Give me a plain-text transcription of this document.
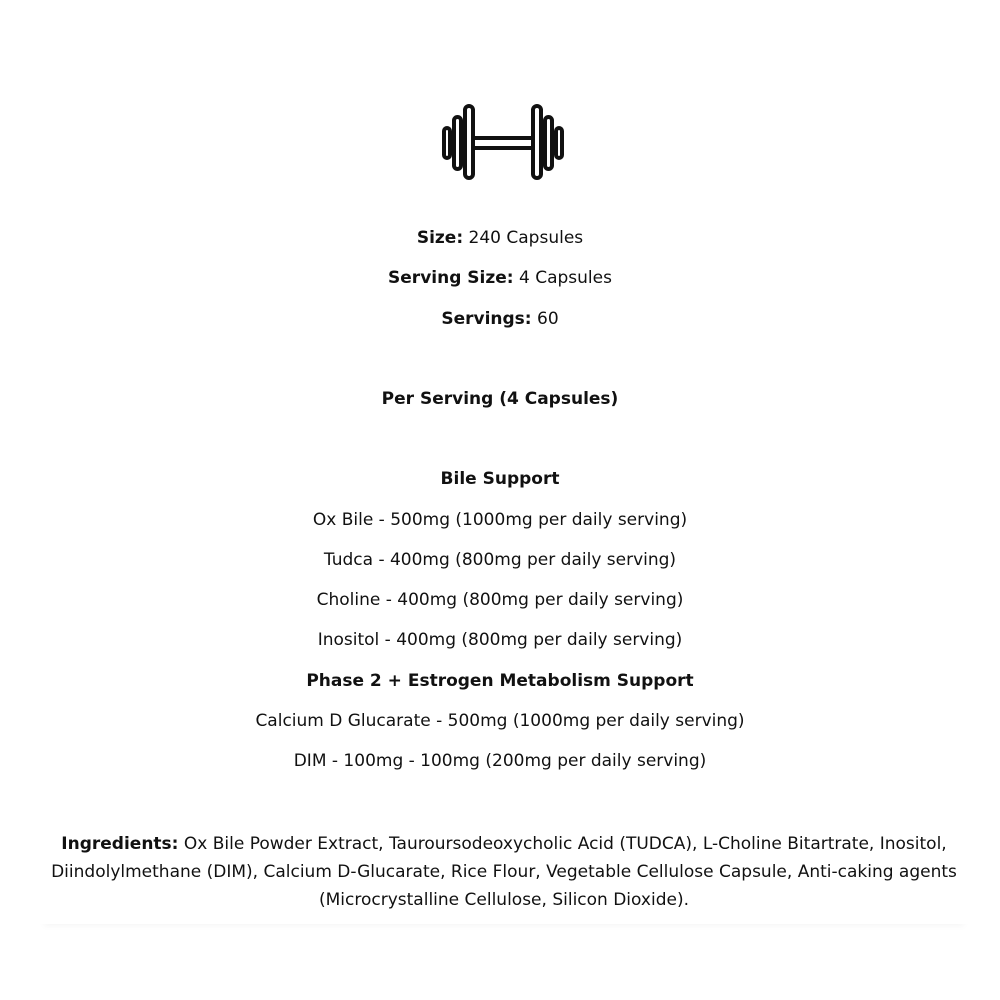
Size: 240 Capsules
Serving Size: 4 Capsules
Servings: 60
Per Serving (4 Capsules)
Bile Support
Ox Bile - 500mg (1000mg per daily serving)
Tudca - 400mg (800mg per daily serving)
Choline - 400mg (800mg per daily serving)
Inositol - 400mg (800mg per daily serving)
Phase 2 + Estrogen Metabolism Support
Calcium D Glucarate - 500mg (1000mg per daily serving)
DIM - 100mg - 100mg (200mg per daily serving)
Ingredients: Ox Bile Powder Extract, Tauroursodeoxycholic Acid (TUDCA), L-Choline Bitartrate, Inositol, Diindolylmethane (DIM), Calcium D-Glucarate, Rice Flour, Vegetable Cellulose Capsule, Anti-caking agents (Microcrystalline Cellulose, Silicon Dioxide).
